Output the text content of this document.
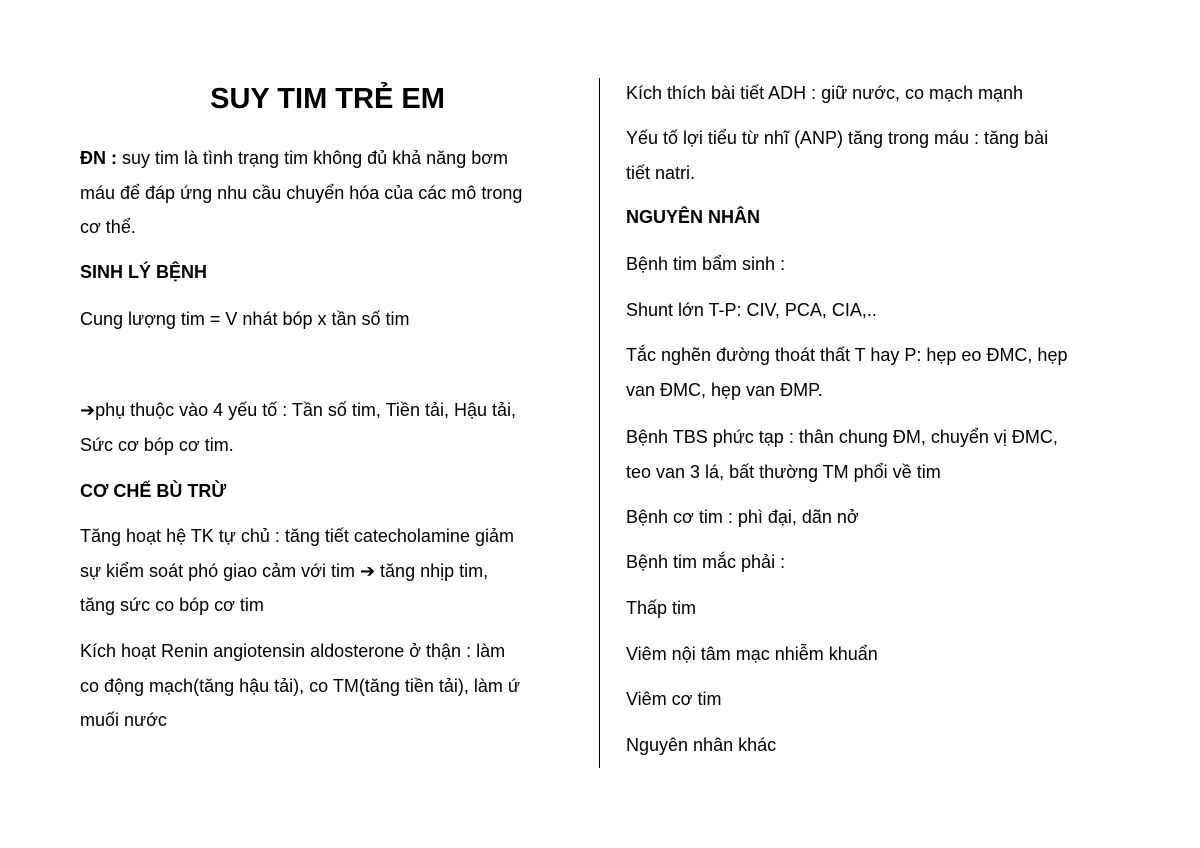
SUY TIM TRẺ EM

ĐN : suy tim là tình trạng tim không đủ khả năng bơm
máu để đáp ứng nhu cầu chuyển hóa của các mô trong
cơ thể.

SINH LÝ BỆNH

Cung lượng tim = V nhát bóp x tần số tim

➔phụ thuộc vào 4 yếu tố : Tần số tim, Tiền tải, Hậu tải,
Sức cơ bóp cơ tim.

CƠ CHẾ BÙ TRỪ

Tăng hoạt hệ TK tự chủ : tăng tiết catecholamine giảm
sự kiểm soát phó giao cảm với tim ➔ tăng nhịp tim,
tăng sức co bóp cơ tim

Kích hoạt Renin angiotensin aldosterone ở thận : làm
co động mạch(tăng hậu tải), co TM(tăng tiền tải), làm ứ
muối nước

Kích thích bài tiết ADH : giữ nước, co mạch mạnh

Yếu tố lợi tiểu từ nhĩ (ANP) tăng trong máu : tăng bài
tiết natri.

NGUYÊN NHÂN

Bệnh tim bẩm sinh :

Shunt lớn T-P: CIV, PCA, CIA,..

Tắc nghẽn đường thoát thất T hay P: hẹp eo ĐMC, hẹp
van ĐMC, hẹp van ĐMP.

Bệnh TBS phức tạp : thân chung ĐM, chuyển vị ĐMC,
teo van 3 lá, bất thường TM phổi về tim

Bệnh cơ tim : phì đại, dãn nở

Bệnh tim mắc phải :

Thấp tim

Viêm nội tâm mạc nhiễm khuẩn

Viêm cơ tim

Nguyên nhân khác
